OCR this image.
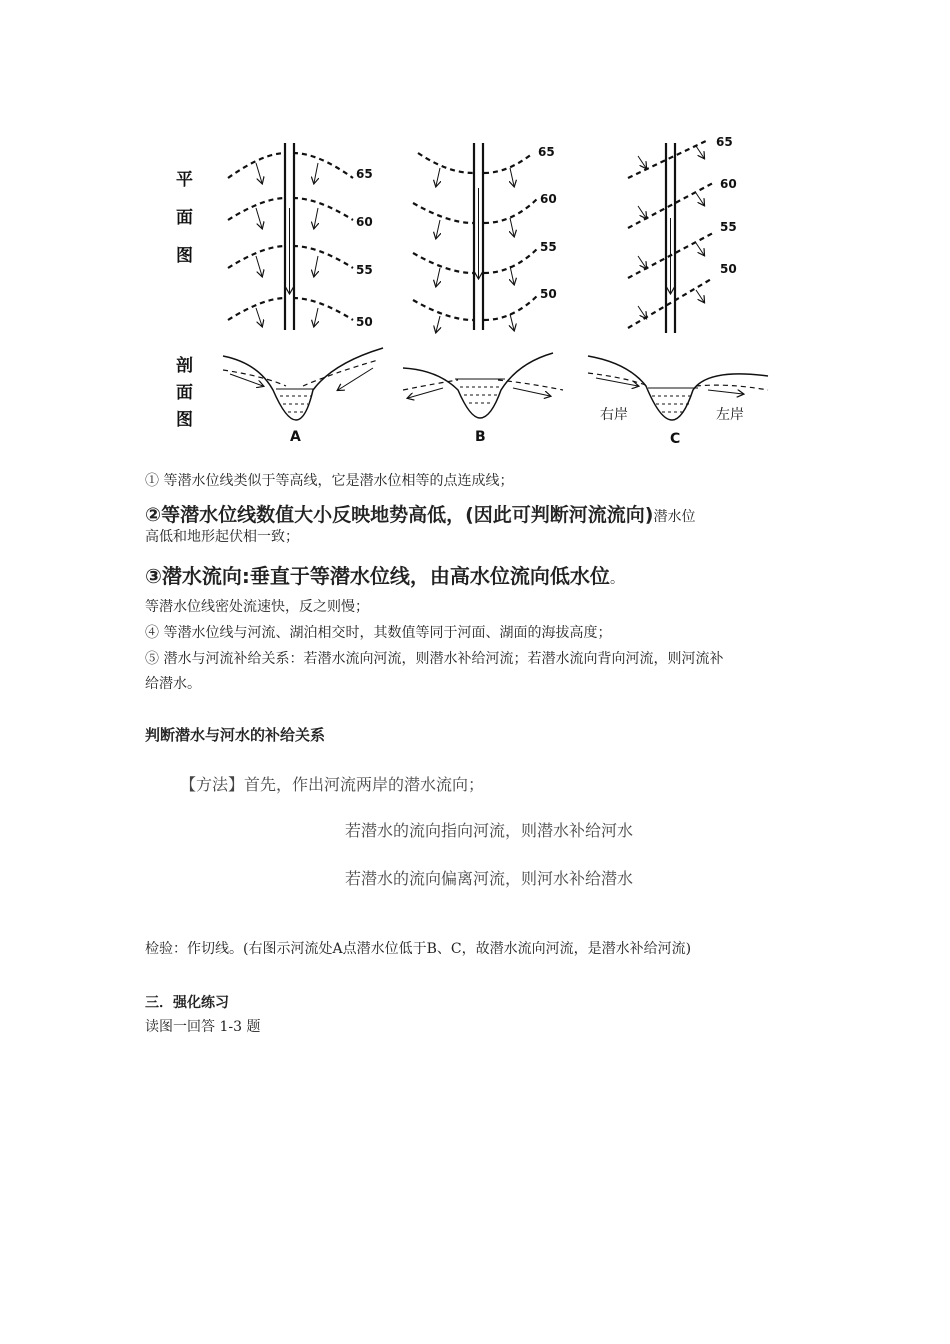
平
面
图
剖
面
图
65
60
55
50
65
60
55
50
65
60
55
50
A	B
右岸	左岸
C
① 等潜水位线类似于等高线，它是潜水位相等的点连成线；
②等潜水位线数值大小反映地势高低，(因此可判断河流流向)潜水位
高低和地形起伏相一致；
③潜水流向:垂直于等潜水位线，由高水位流向低水位。
等潜水位线密处流速快，反之则慢；
④ 等潜水位线与河流、湖泊相交时，其数值等同于河面、湖面的海拔高度；
⑤ 潜水与河流补给关系：若潜水流向河流，则潜水补给河流；若潜水流向背向河流，则河流补
给潜水。
判断潜水与河水的补给关系
【方法】首先，作出河流两岸的潜水流向；
若潜水的流向指向河流，则潜水补给河水
若潜水的流向偏离河流，则河水补给潜水
检验：作切线。(右图示河流处A点潜水位低于B、C，故潜水流向河流，是潜水补给河流)
三．强化练习
读图一回答 1-3 题
